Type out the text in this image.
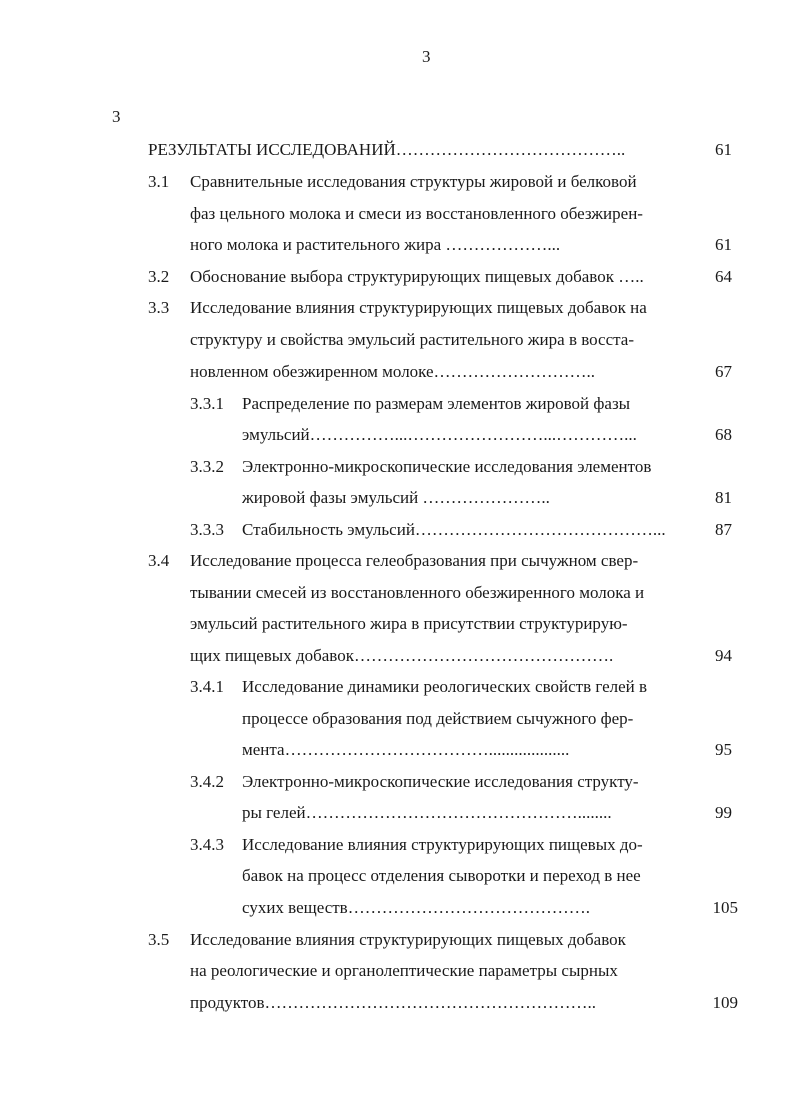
3
3
РЕЗУЛЬТАТЫ ИССЛЕДОВАНИЙ…………………………………..	61
3.1 Сравнительные исследования структуры жировой и белковой
фаз цельного молока и смеси из восстановленного обезжирен-
ного молока и растительного жира ………………...	61
3.2 Обоснование выбора структурирующих пищевых добавок …..	64
3.3 Исследование влияния структурирующих пищевых добавок на
структуру и свойства эмульсий растительного жира в восста-
новленном обезжиренном молоке………………………..	67
3.3.1 Распределение по размерам элементов жировой фазы
эмульсий……………...……………………...…………...	68
3.3.2 Электронно-микроскопические исследования элементов
жировой фазы эмульсий …………………..	81
3.3.3 Стабильность эмульсий……………………………………...	87
3.4 Исследование процесса гелеобразования при сычужном свер-
тывании смесей из восстановленного обезжиренного молока и
эмульсий растительного жира в присутствии структурирую-
щих пищевых добавок……………………………………….	94
3.4.1 Исследование динамики реологических свойств гелей в
процессе образования под действием сычужного фер-
мента………………………………...................	95
3.4.2 Электронно-микроскопические исследования структу-
ры гелей…………………………………………........	99
3.4.3 Исследование влияния структурирующих пищевых до-
бавок на процесс отделения сыворотки и переход в нее
сухих веществ…………………………………….	105
3.5 Исследование влияния структурирующих пищевых добавок
на реологические и органолептические параметры сырных
продуктов…………………………………………………..	109
